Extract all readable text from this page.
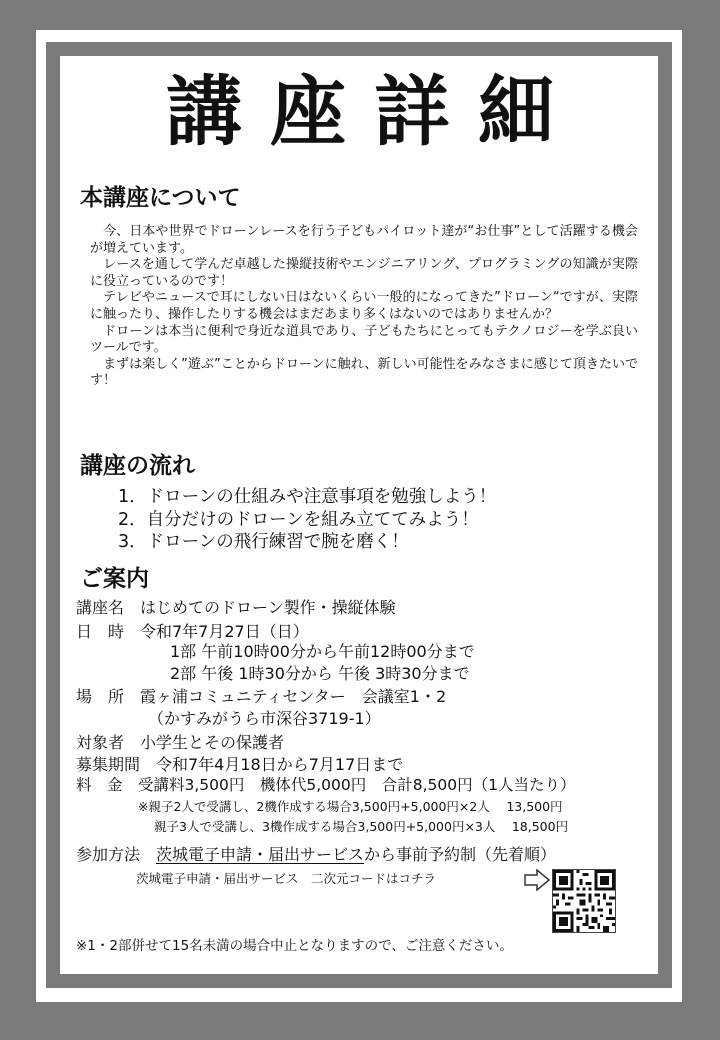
講座詳細
本講座について

　今、日本や世界でドローンレースを行う子どもパイロット達が“お仕事”として活躍する機会が増えています。

　レースを通して学んだ卓越した操縦技術やエンジニアリング、プログラミングの知識が実際に役立っているのです！

　テレビやニュースで耳にしない日はないくらい一般的になってきた”ドローン“ですが、実際に触ったり、操作したりする機会はまだあまり多くはないのではありませんか？

　ドローンは本当に便利で身近な道具であり、子どもたちにとってもテクノロジーを学ぶ良いツールです。

　まずは楽しく”遊ぶ”ことからドローンに触れ、新しい可能性をみなさまに感じて頂きたいです！

講座の流れ
1．ドローンの仕組みや注意事項を勉強しよう！
2．自分だけのドローンを組み立ててみよう！
3．ドローンの飛行練習で腕を磨く！
ご案内
講座名　はじめてのドローン製作・操縦体験
日　時　令和7年7月27日（日）
1部 午前10時00分から午前12時00分まで
2部 午後 1時30分から 午後 3時30分まで
場　所　霞ヶ浦コミュニティセンター　会議室1・2
（かすみがうら市深谷3719-1）
対象者　小学生とその保護者
募集期間　令和7年4月18日から7月17日まで
料　金　受講料3,500円　機体代5,000円　合計8,500円（1人当たり）
※親子2人で受講し、2機作成する場合3,500円+5,000円×2人　 13,500円
親子3人で受講し、3機作成する場合3,500円+5,000円×3人　 18,500円
参加方法　茨城電子申請・届出サービスから事前予約制（先着順）
茨城電子申請・届出サービス　二次元コードはコチラ
※1・2部併せて15名未満の場合中止となりますので、ご注意ください。
